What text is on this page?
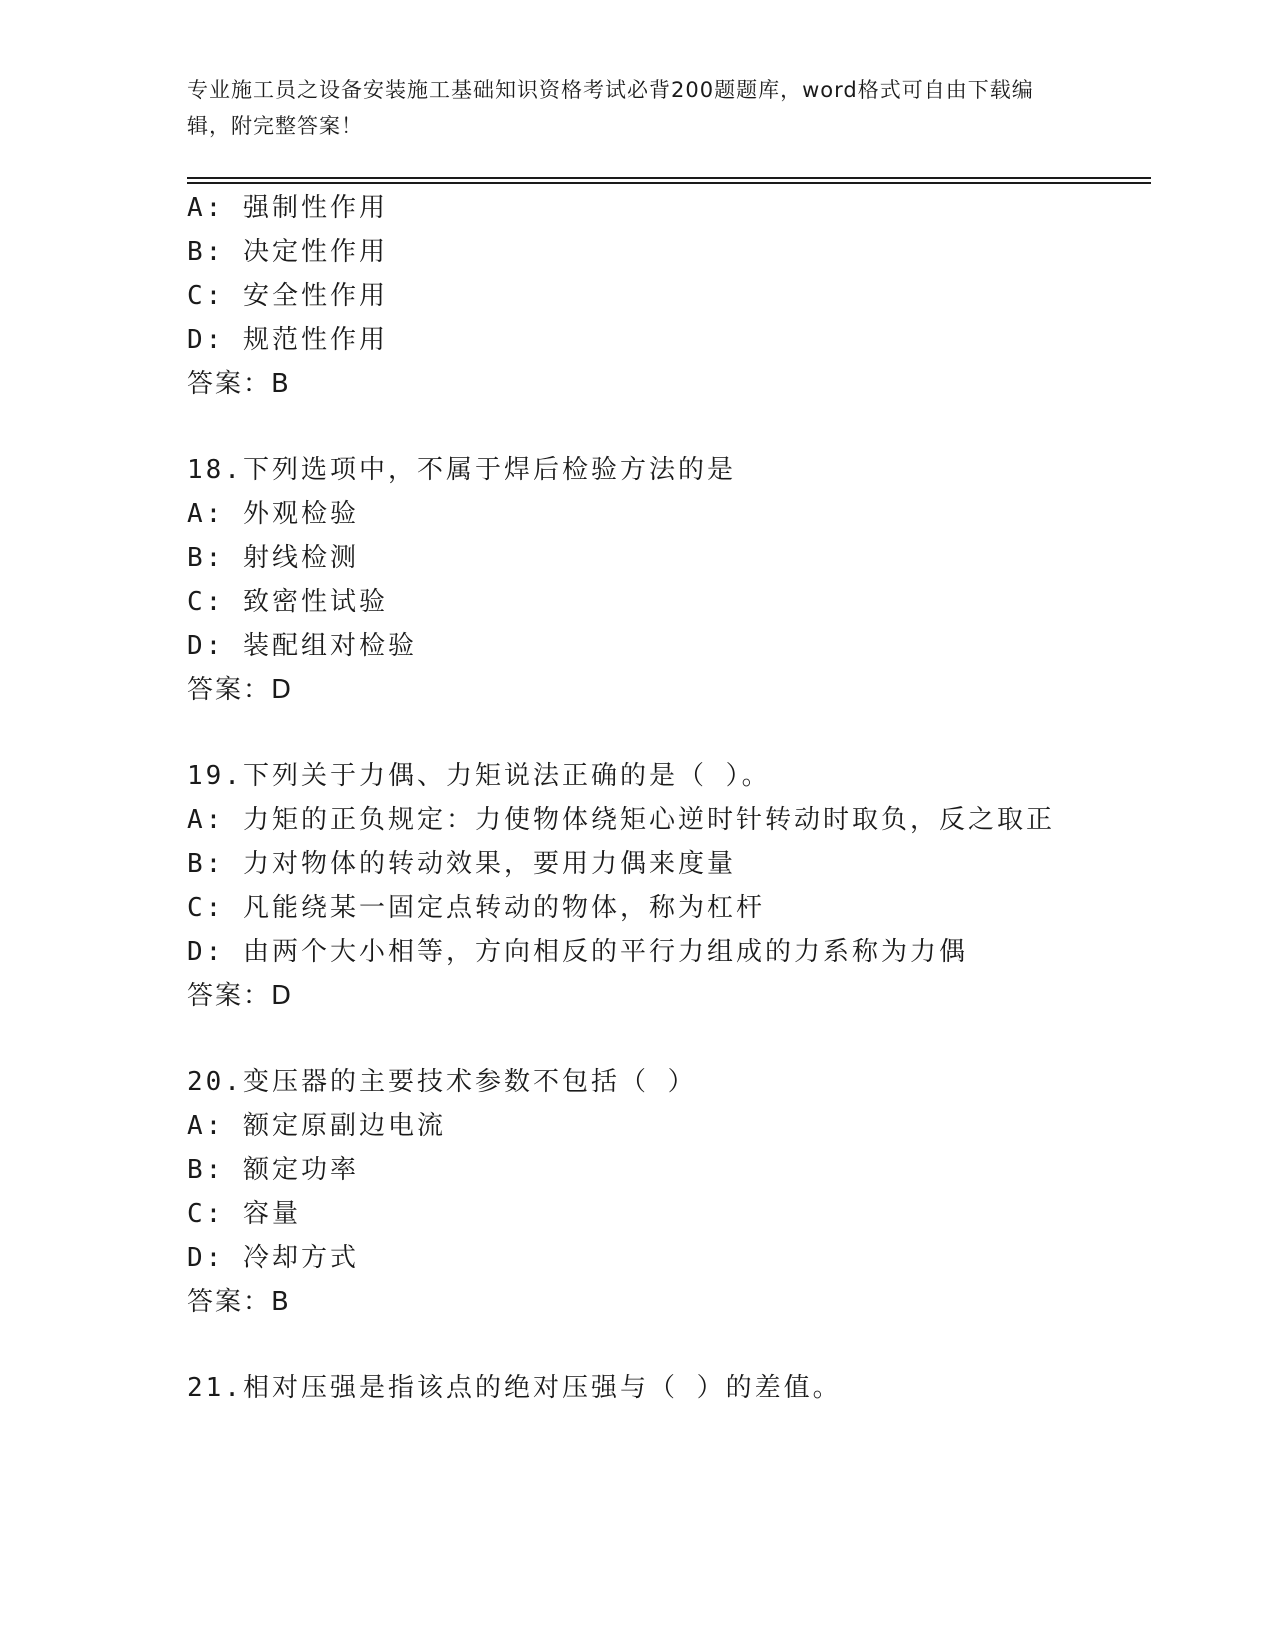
专业施工员之设备安装施工基础知识资格考试必背200题题库，word格式可自由下载编辑，附完整答案！
A: 强制性作用
B: 决定性作用
C: 安全性作用
D: 规范性作用
答案：B
18.下列选项中，不属于焊后检验方法的是
A: 外观检验
B: 射线检测
C: 致密性试验
D: 装配组对检验
答案：D
19.下列关于力偶、力矩说法正确的是（ ）。
A: 力矩的正负规定：力使物体绕矩心逆时针转动时取负，反之取正
B: 力对物体的转动效果，要用力偶来度量
C: 凡能绕某一固定点转动的物体，称为杠杆
D: 由两个大小相等，方向相反的平行力组成的力系称为力偶
答案：D
20.变压器的主要技术参数不包括（ ）
A: 额定原副边电流
B: 额定功率
C: 容量
D: 冷却方式
答案：B
21.相对压强是指该点的绝对压强与（ ）的差值。
